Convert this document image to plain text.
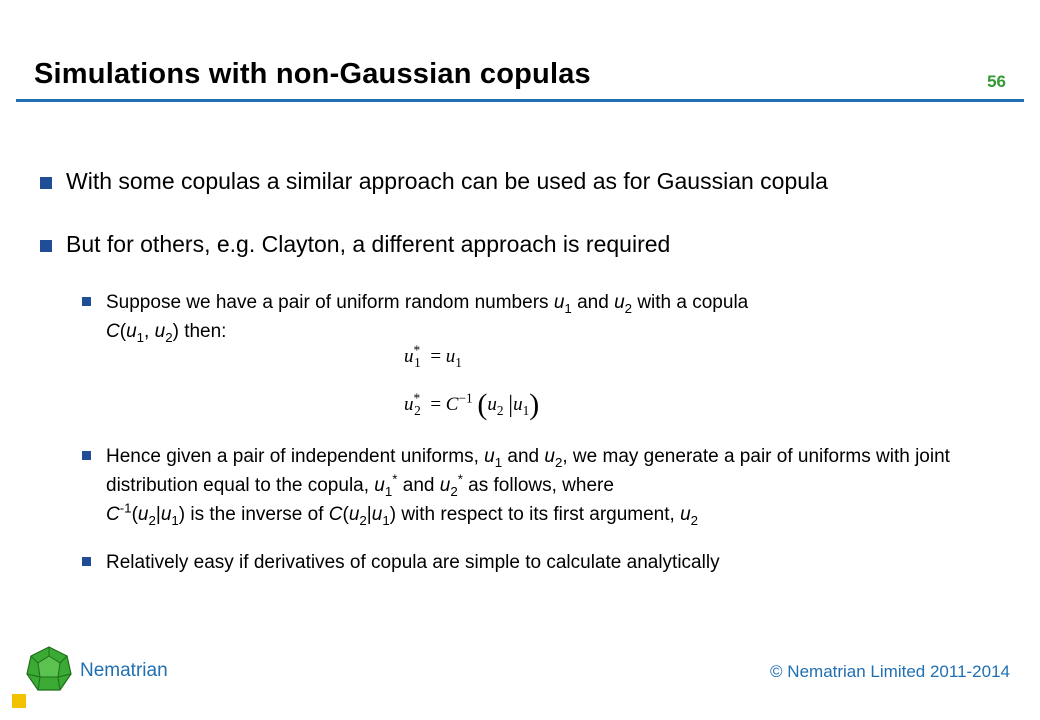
Simulations with non-Gaussian copulas	56
With some copulas a similar approach can be used as for Gaussian copula
But for others, e.g. Clayton, a different approach is required
Suppose we have a pair of uniform random numbers $u_1$ and $u_2$ with a copula
$C(u_1$, $u_2$) then:
$u^*_1 = u_1$
$u^*_2 = C^{-1}$ ($u_2$ $|u_1$)
Hence given a pair of independent uniforms, $u_1$ and $u_2$, we may generate a pair of uniforms with joint distribution equal to the copula, $u_1^*$ and $u_2^*$ as follows, where
$C^{-1}(u_2|u_1)$ is the inverse of $C(u_2|u_1)$ with respect to its first argument, $u_2$
Relatively easy if derivatives of copula are simple to calculate analytically
Nematrian	© Nematrian Limited 2011-2014
